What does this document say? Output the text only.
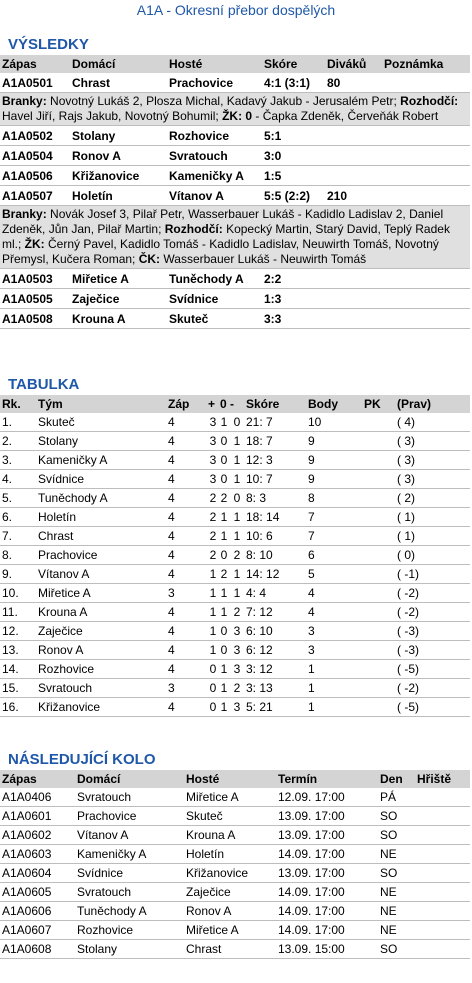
A1A - Okresní přebor dospělých
VÝSLEDKY
Zápas	Domácí	Hosté	Skóre	Diváků	Poznámka
A1A0501	Chrast	Prachovice	4:1 (3:1)	80	
Branky: Novotný Lukáš 2, Plosza Michal, Kadavý Jakub - Jerusalém Petr; Rozhodčí: Havel Jiří, Rajs Jakub, Novotný Bohumil; ŽK: 0 - Čapka Zdeněk, Červeňák Robert					
A1A0502	Stolany	Rozhovice	5:1		
A1A0504	Ronov A	Svratouch	3:0		
A1A0506	Křižanovice	Kameničky A	1:5		
A1A0507	Holetín	Vítanov A	5:5 (2:2)	210	
Branky: Novák Josef 3, Pilař Petr, Wasserbauer Lukáš - Kadidlo Ladislav 2, Daniel Zdeněk, Jůn Jan, Pilař Martin; Rozhodčí: Kopecký Martin, Starý David, Teplý Radek ml.; ŽK: Černý Pavel, Kadidlo Tomáš - Kadidlo Ladislav, Neuwirth Tomáš, Novotný Přemysl, Kučera Roman; ČK: Wasserbauer Lukáš - Neuwirth Tomáš					
A1A0503	Miřetice A	Tuněchody A	2:2		
A1A0505	Zaječice	Svídnice	1:3		
A1A0508	Krouna A	Skuteč	3:3		
TABULKA
Rk.	Tým	Záp	+	0	-	Skóre	Body	PK	(Prav)
1.	Skuteč	4	3	1	0	21: 7	10		( 4)
2.	Stolany	4	3	0	1	18: 7	9		( 3)
3.	Kameničky A	4	3	0	1	12: 3	9		( 3)
4.	Svídnice	4	3	0	1	10: 7	9		( 3)
5.	Tuněchody A	4	2	2	0	8: 3	8		( 2)
6.	Holetín	4	2	1	1	18: 14	7		( 1)
7.	Chrast	4	2	1	1	10: 6	7		( 1)
8.	Prachovice	4	2	0	2	8: 10	6		( 0)
9.	Vítanov A	4	1	2	1	14: 12	5		( -1)
10.	Miřetice A	3	1	1	1	4: 4	4		( -2)
11.	Krouna A	4	1	1	2	7: 12	4		( -2)
12.	Zaječice	4	1	0	3	6: 10	3		( -3)
13.	Ronov A	4	1	0	3	6: 12	3		( -3)
14.	Rozhovice	4	0	1	3	3: 12	1		( -5)
15.	Svratouch	3	0	1	2	3: 13	1		( -2)
16.	Křižanovice	4	0	1	3	5: 21	1		( -5)
NÁSLEDUJÍCÍ KOLO
Zápas	Domácí	Hosté	Termín	Den	Hřiště
A1A0406	Svratouch	Miřetice A	12.09. 17:00	PÁ	
A1A0601	Prachovice	Skuteč	13.09. 17:00	SO	
A1A0602	Vítanov A	Krouna A	13.09. 17:00	SO	
A1A0603	Kameničky A	Holetín	14.09. 17:00	NE	
A1A0604	Svídnice	Křižanovice	13.09. 17:00	SO	
A1A0605	Svratouch	Zaječice	14.09. 17:00	NE	
A1A0606	Tuněchody A	Ronov A	14.09. 17:00	NE	
A1A0607	Rozhovice	Miřetice A	14.09. 17:00	NE	
A1A0608	Stolany	Chrast	13.09. 15:00	SO	
